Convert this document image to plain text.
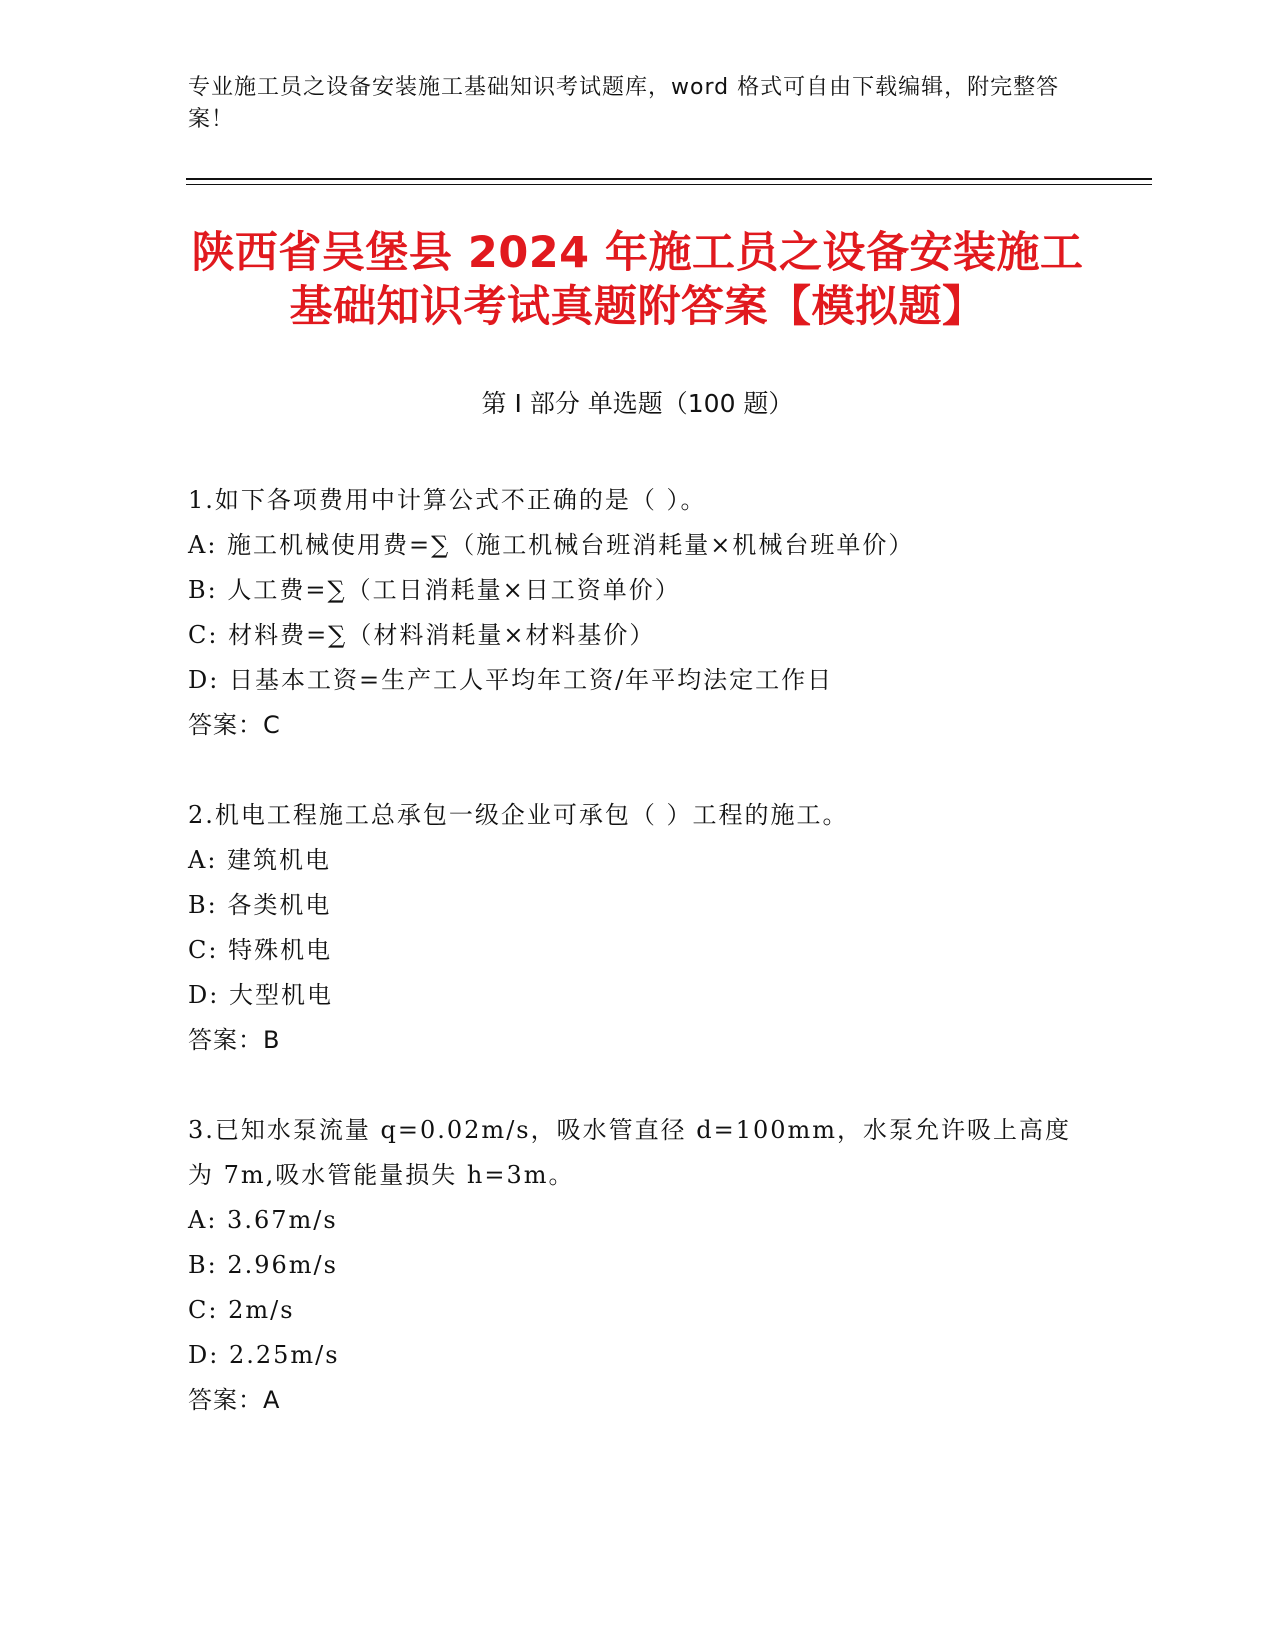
专业施工员之设备安装施工基础知识考试题库，word 格式可自由下载编辑，附完整答案！
陕西省吴堡县 2024 年施工员之设备安装施工
基础知识考试真题附答案【模拟题】
第 I 部分 单选题（100 题）

1.如下各项费用中计算公式不正确的是（ ）。

A: 施工机械使用费=∑（施工机械台班消耗量×机械台班单价）

B: 人工费=∑（工日消耗量×日工资单价）

C: 材料费=∑（材料消耗量×材料基价）

D: 日基本工资=生产工人平均年工资/年平均法定工作日

答案：C

2.机电工程施工总承包一级企业可承包（ ）工程的施工。

A: 建筑机电

B: 各类机电

C: 特殊机电

D: 大型机电

答案：B

3.已知水泵流量 q=0.02m/s，吸水管直径 d=100mm，水泵允许吸上高度为 7m,吸水管能量损失 h=3m。

A: 3.67m/s

B: 2.96m/s

C: 2m/s

D: 2.25m/s

答案：A
